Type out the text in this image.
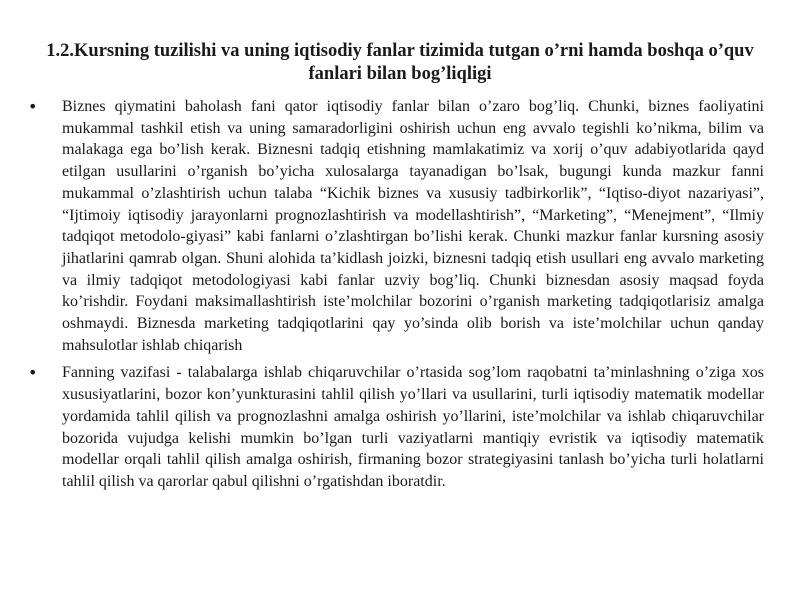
1.2.Kursning tuzilishi va uning iqtisodiy fanlar tizimida tutgan o’rni hamda boshqa o’quv fanlari bilan bog’liqligi
• Biznes qiymatini baholash fani qator iqtisodiy fanlar bilan o’zaro bog’liq. Chunki, biznes faoliyatini mukammal tashkil etish va uning samaradorligini oshirish uchun eng avvalo tegishli ko’nikma, bilim va malakaga ega bo’lish kerak. Biznesni tadqiq etishning mamlakatimiz va xorij o’quv adabiyotlarida qayd etilgan usullarini o’rganish bo’yicha xulosalarga tayanadigan bo’lsak, bugungi kunda mazkur fanni mukammal o’zlashtirish uchun talaba “Kichik biznes va xususiy tadbirkorlik”, “Iqtiso-diyot nazariyasi”, “Ijtimoiy iqtisodiy jarayonlarni prognozlashtirish va modellashtirish”, “Marketing”, “Menejment”, “Ilmiy tadqiqot metodolo-giyasi” kabi fanlarni o’zlashtirgan bo’lishi kerak. Chunki mazkur fanlar kursning asosiy jihatlarini qamrab olgan. Shuni alohida ta’kidlash joizki, biznesni tadqiq etish usullari eng avvalo marketing va ilmiy tadqiqot metodologiyasi kabi fanlar uzviy bog’liq. Chunki biznesdan asosiy maqsad foyda ko’rishdir. Foydani maksimallashtirish iste’molchilar bozorini o’rganish marketing tadqiqotlarisiz amalga oshmaydi. Biznesda marketing tadqiqotlarini qay yo’sinda olib borish va iste’molchilar uchun qanday mahsulotlar ishlab chiqarish
• Fanning vazifasi - talabalarga ishlab chiqaruvchilar o’rtasida sog’lom raqobatni ta’minlashning o’ziga xos xususiyatlarini, bozor kon’yunkturasini tahlil qilish yo’llari va usullarini, turli iqtisodiy matematik modellar yordamida tahlil qilish va prognozlashni amalga oshirish yo’llarini, iste’molchilar va ishlab chiqaruvchilar bozorida vujudga kelishi mumkin bo’lgan turli vaziyatlarni mantiqiy evristik va iqtisodiy matematik modellar orqali tahlil qilish amalga oshirish, firmaning bozor strategiyasini tanlash bo’yicha turli holatlarni tahlil qilish va qarorlar qabul qilishni o’rgatishdan iboratdir.
